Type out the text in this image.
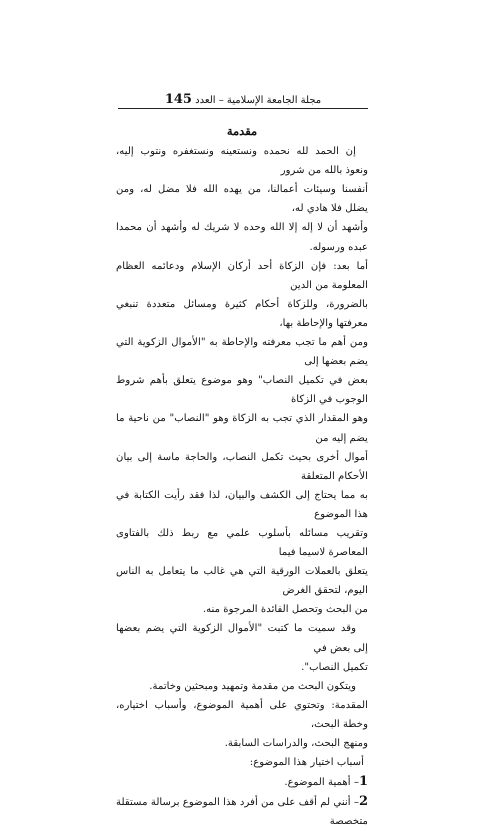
مجلة الجامعة الإسلامية – العدد 145
مقدمة

إن الحمد لله نحمده ونستعينه ونستغفره ونتوب إليه، ونعوذ بالله من شرور

أنفسنا وسيئات أعمالنا، من يهده الله فلا مضل له، ومن يضلل فلا هادي له،

وأشهد أن لا إله إلا الله وحده لا شريك له وأشهد أن محمدا عبده ورسوله.

أما بعد: فإن الزكاة أحد أركان الإسلام ودعائمه العظام المعلومة من الدين

بالضرورة، وللزكاة أحكام كثيرة ومسائل متعددة تنبغي معرفتها والإحاطة بها،

ومن أهم ما تجب معرفته والإحاطة به "الأموال الزكوية التي يضم بعضها إلى

بعض في تكميل النصاب" وهو موضوع يتعلق بأهم شروط الوجوب في الزكاة

وهو المقدار الذي تجب به الزكاة وهو "النصاب" من ناحية ما يضم إليه من

أموال أخرى بحيث تكمل النصاب، والحاجة ماسة إلى بيان الأحكام المتعلقة

به مما يحتاج إلى الكشف والبيان، لذا فقد رأيت الكتابة في هذا الموضوع

وتقريب مسائله بأسلوب علمي مع ربط ذلك بالفتاوى المعاصرة لاسيما فيما

يتعلق بالعملات الورقية التي هي غالب ما يتعامل به الناس اليوم، لتحقق الغرض

من البحث وتحصل الفائدة المرجوة منه.

وقد سميت ما كتبت "الأموال الزكوية التي يضم بعضها إلى بعض في

تكميل النصاب".

ويتكون البحث من مقدمة وتمهيد ومبحثين وخاتمة.

المقدمة: وتحتوي على أهمية الموضوع، وأسباب اختياره، وخطة البحث،

ومنهج البحث، والدراسات السابقة.

أسباب اختيار هذا الموضوع:

1– أهمية الموضوع.

2– أنني لم أقف على من أفرد هذا الموضوع برسالة مستقلة متخصصة
